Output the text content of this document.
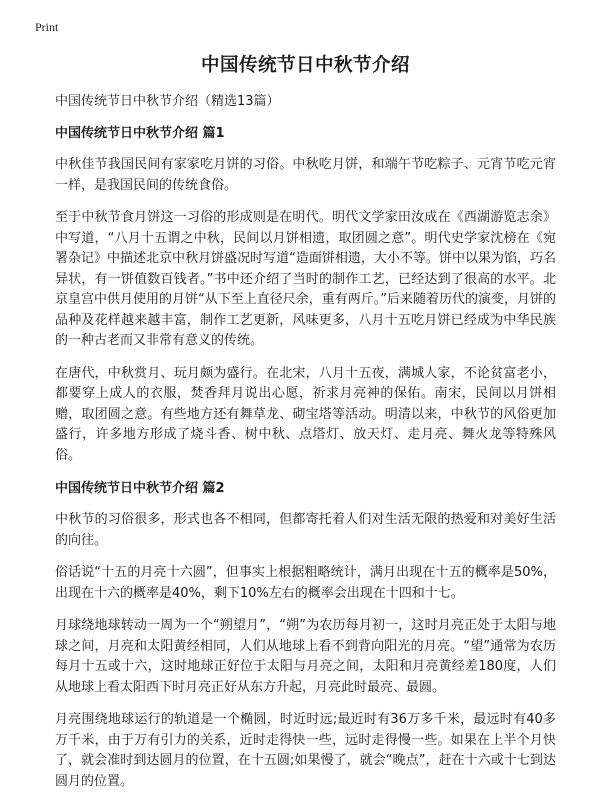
Print
中国传统节日中秋节介绍

中国传统节日中秋节介绍（精选13篇）

中国传统节日中秋节介绍 篇1

中秋佳节我国民间有家家吃月饼的习俗。中秋吃月饼，和端午节吃粽子、元宵节吃元宵一样，是我国民间的传统食俗。

至于中秋节食月饼这一习俗的形成则是在明代。明代文学家田汝成在《西湖游览志余》中写道，“八月十五谓之中秋，民间以月饼相遗，取团圆之意”。明代史学家沈榜在《宛署杂记》中描述北京中秋月饼盛况时写道“造面饼相遗，大小不等。饼中以果为馅，巧名异状，有一饼值数百钱者。”书中还介绍了当时的制作工艺，已经达到了很高的水平。北京皇宫中供月使用的月饼“从下至上直径尺余，重有两斤。”后来随着历代的演变，月饼的品种及花样越来越丰富，制作工艺更新，风味更多，八月十五吃月饼已经成为中华民族的一种古老而又非常有意义的传统。

在唐代，中秋赏月、玩月颇为盛行。在北宋，八月十五夜，满城人家，不论贫富老小，都要穿上成人的衣服，焚香拜月说出心愿，祈求月亮神的保佑。南宋，民间以月饼相赠，取团圆之意。有些地方还有舞草龙、砌宝塔等活动。明清以来，中秋节的风俗更加盛行，许多地方形成了烧斗香、树中秋、点塔灯、放天灯、走月亮、舞火龙等特殊风俗。

中国传统节日中秋节介绍 篇2

中秋节的习俗很多，形式也各不相同，但都寄托着人们对生活无限的热爱和对美好生活的向往。

俗话说“十五的月亮十六圆”，但事实上根据粗略统计，满月出现在十五的概率是50%，出现在十六的概率是40%，剩下10%左右的概率会出现在十四和十七。

月球绕地球转动一周为一个“朔望月”，“朔”为农历每月初一，这时月亮正处于太阳与地球之间，月亮和太阳黄经相同，人们从地球上看不到背向阳光的月亮。“望”通常为农历每月十五或十六，这时地球正好位于太阳与月亮之间，太阳和月亮黄经差180度，人们从地球上看太阳西下时月亮正好从东方升起，月亮此时最亮、最圆。

月亮围绕地球运行的轨道是一个椭圆，时近时远;最近时有36万多千米，最远时有40多万千米，由于万有引力的关系，近时走得快一些，远时走得慢一些。如果在上半个月快了，就会准时到达圆月的位置，在十五圆;如果慢了，就会“晚点”，赶在十六或十七到达圆月的位置。
